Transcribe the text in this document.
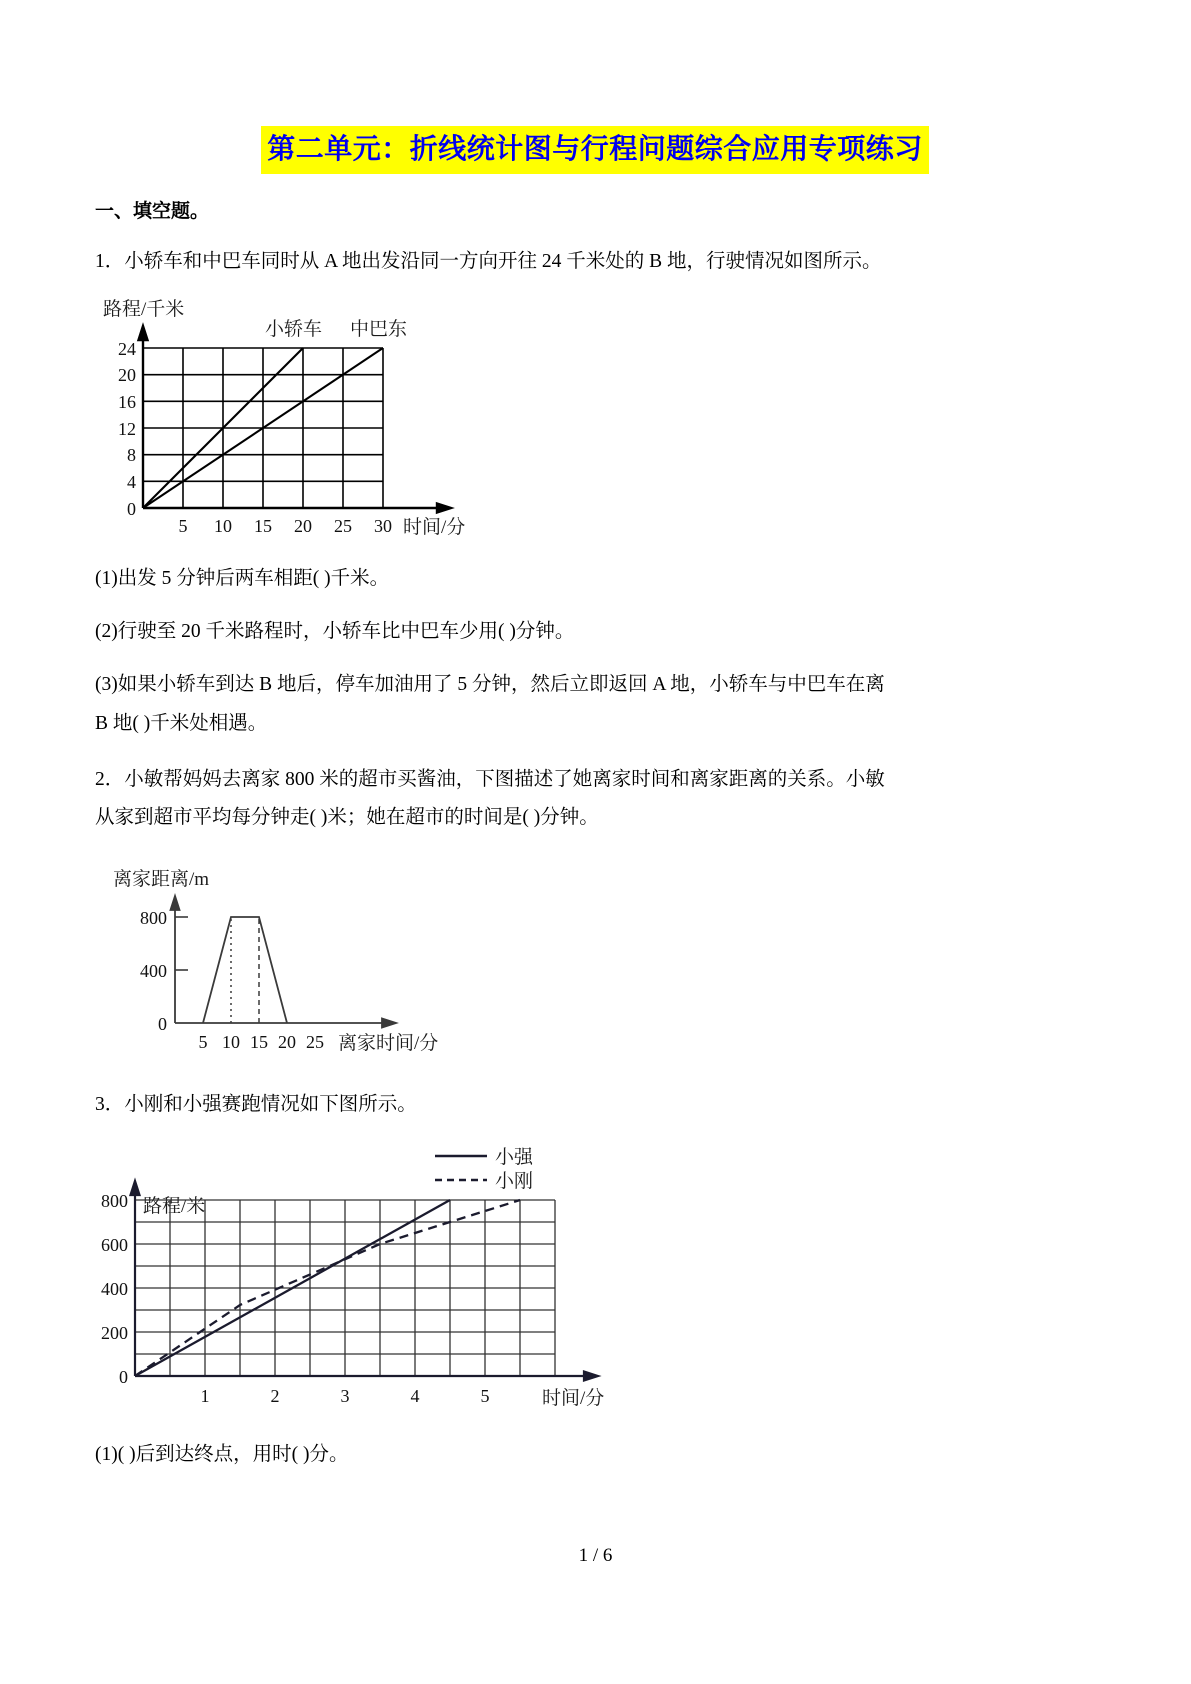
第二单元：折线统计图与行程问题综合应用专项练习
一、填空题。
1．小轿车和中巴车同时从 A 地出发沿同一方向开往 24 千米处的 B 地，行驶情况如图所示。
路程/千米
小轿车 中巴东
0
4
8
12
16
20
24
5 10 15 20 25 30 时间/分
(1)出发 5 分钟后两车相距( )千米。
(2)行驶至 20 千米路程时，小轿车比中巴车少用( )分钟。
(3)如果小轿车到达 B 地后，停车加油用了 5 分钟，然后立即返回 A 地，小轿车与中巴车在离
B 地( )千米处相遇。
2．小敏帮妈妈去离家 800 米的超市买酱油，下图描述了她离家时间和离家距离的关系。小敏
从家到超市平均每分钟走( )米；她在超市的时间是( )分钟。
离家距离/m
0
400
800
5 10 15 20 25 离家时间/分
3．小刚和小强赛跑情况如下图所示。
小强
小刚
路程/米
0
200
400
600
800
1	2	3	4	5	时间/分
(1)( )后到达终点，用时( )分。
1 / 6
